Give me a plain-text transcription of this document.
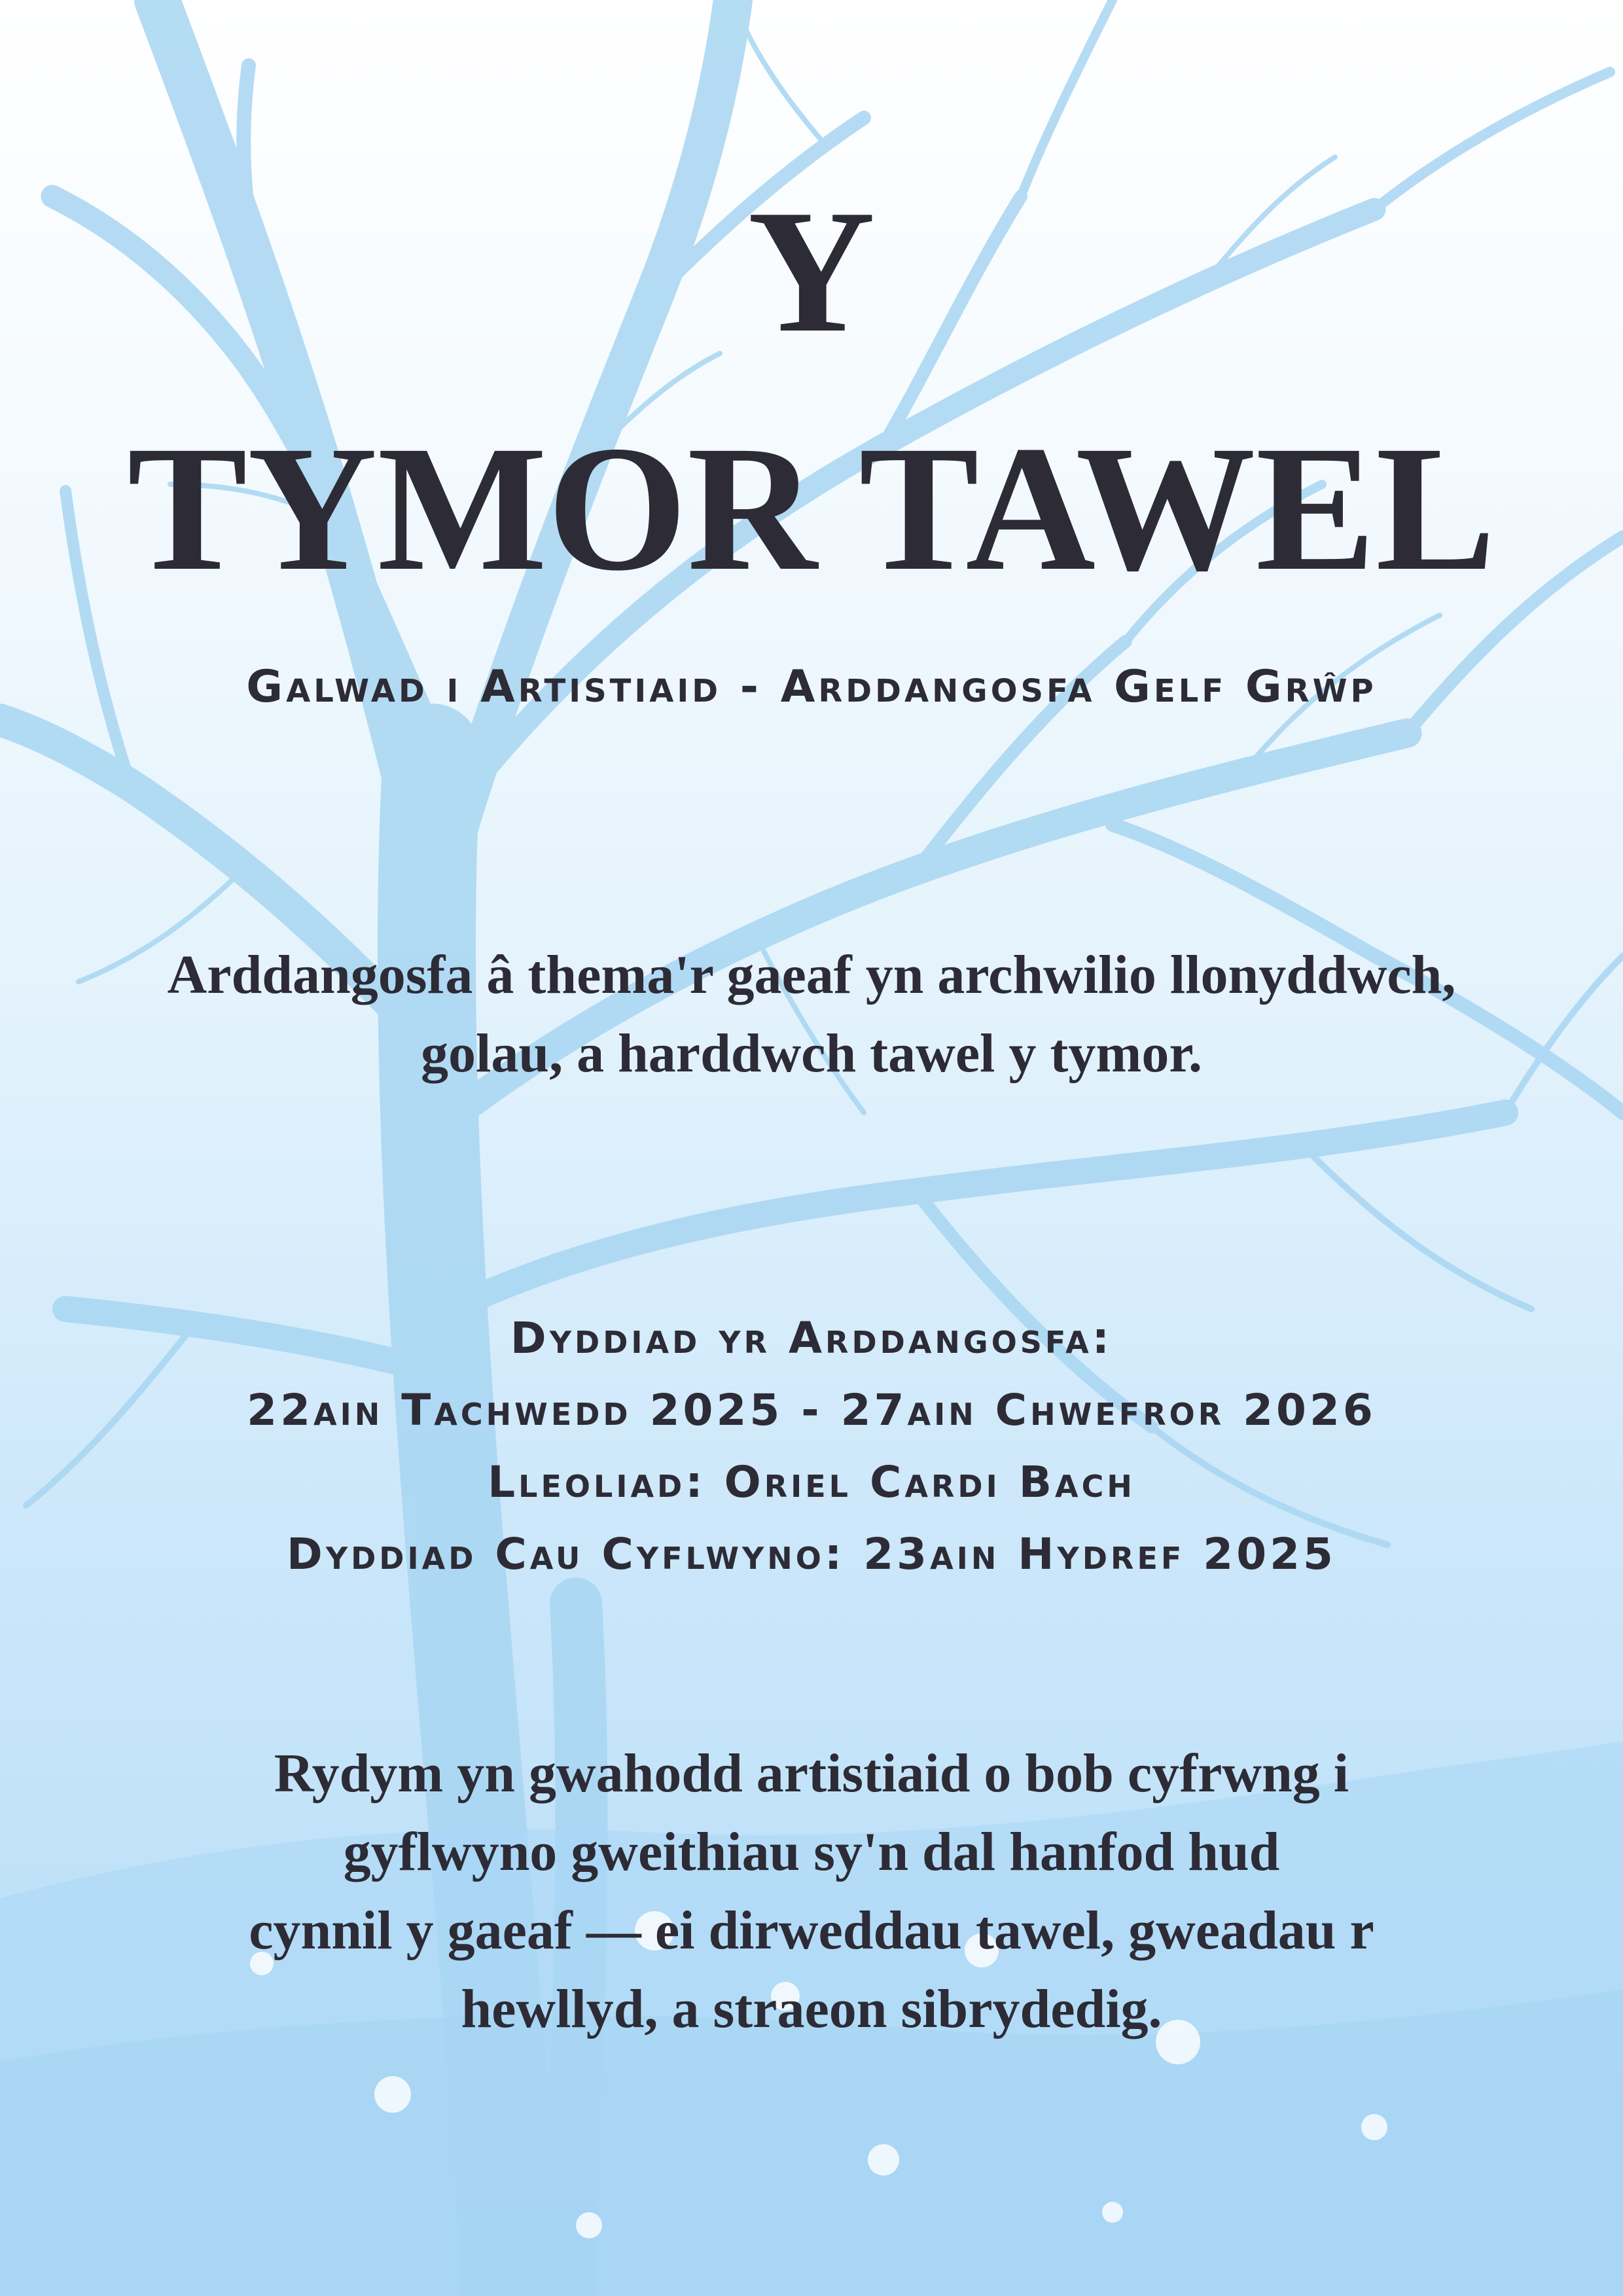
Y
TYMOR TAWEL
Galwad i Artistiaid - Arddangosfa Gelf Grŵp
Arddangosfa â thema'r gaeaf yn archwilio llonyddwch, golau, a harddwch tawel y tymor.
Dyddiad yr Arddangosfa:
22ain Tachwedd 2025 - 27ain Chwefror 2026
Lleoliad: Oriel Cardi Bach
Dyddiad Cau Cyflwyno: 23ain Hydref 2025
Rydym yn gwahodd artistiaid o bob cyfrwng i
gyflwyno gweithiau sy'n dal hanfod hud
cynnil y gaeaf — ei dirweddau tawel, gweadau r
hewllyd, a straeon sibrydedig.
